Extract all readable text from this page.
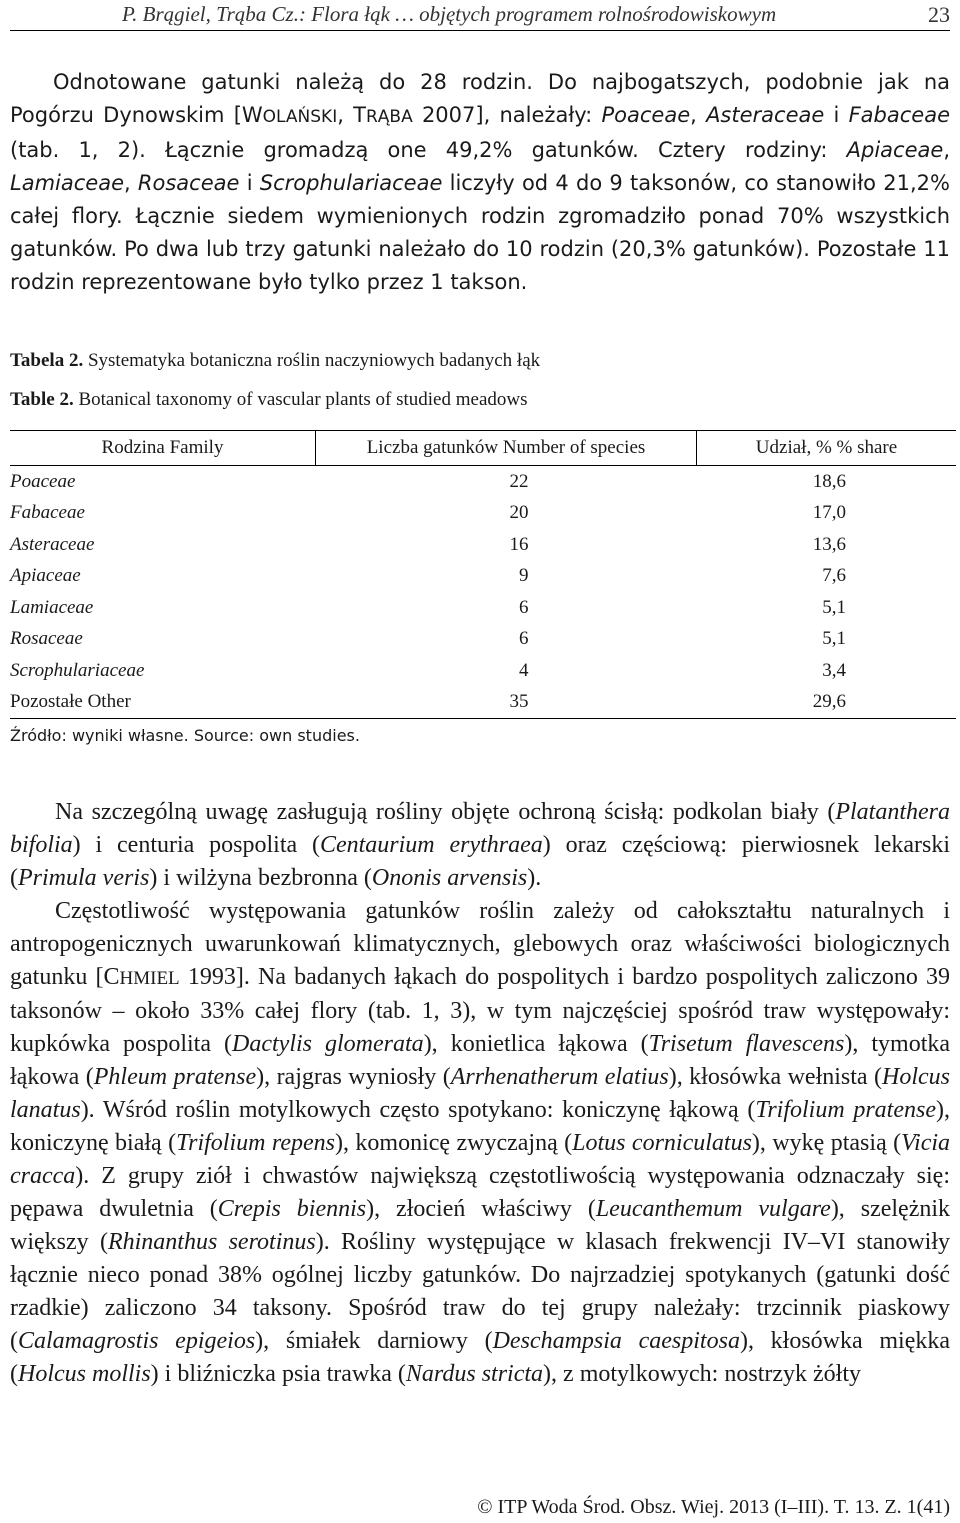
P. Brągiel, Trąba Cz.: Flora łąk … objętych programem rolnośrodowiskowym	23
Odnotowane gatunki należą do 28 rodzin. Do najbogatszych, podobnie jak na Pogórzu Dynowskim [WOLAŃSKI, TRĄBA 2007], należały: Poaceae, Asteraceae i Fabaceae (tab. 1, 2). Łącznie gromadzą one 49,2% gatunków. Cztery rodziny: Apiaceae, Lamiaceae, Rosaceae i Scrophulariaceae liczyły od 4 do 9 taksonów, co stanowiło 21,2% całej flory. Łącznie siedem wymienionych rodzin zgromadziło ponad 70% wszystkich gatunków. Po dwa lub trzy gatunki należało do 10 rodzin (20,3% gatunków). Pozostałe 11 rodzin reprezentowane było tylko przez 1 takson.
Tabela 2. Systematyka botaniczna roślin naczyniowych badanych łąk
Table 2. Botanical taxonomy of vascular plants of studied meadows
Rodzina Family	Liczba gatunków Number of species	Udział, % % share
Poaceae	22	18,6
Fabaceae	20	17,0
Asteraceae	16	13,6
Apiaceae	9	7,6
Lamiaceae	6	5,1
Rosaceae	6	5,1
Scrophulariaceae	4	3,4
Pozostałe Other	35	29,6
Źródło: wyniki własne. Source: own studies.

Na szczególną uwagę zasługują rośliny objęte ochroną ścisłą: podkolan biały (Platanthera bifolia) i centuria pospolita (Centaurium erythraea) oraz częściową: pierwiosnek lekarski (Primula veris) i wilżyna bezbronna (Ononis arvensis).

Częstotliwość występowania gatunków roślin zależy od całokształtu naturalnych i antropogenicznych uwarunkowań klimatycznych, glebowych oraz właściwości biologicznych gatunku [CHMIEL 1993]. Na badanych łąkach do pospolitych i bardzo pospolitych zaliczono 39 taksonów – około 33% całej flory (tab. 1, 3), w tym najczęściej spośród traw występowały: kupkówka pospolita (Dactylis glomerata), konietlica łąkowa (Trisetum flavescens), tymotka łąkowa (Phleum pratense), rajgras wyniosły (Arrhenatherum elatius), kłosówka wełnista (Holcus lanatus). Wśród roślin motylkowych często spotykano: koniczynę łąkową (Trifolium pratense), koniczynę białą (Trifolium repens), komonicę zwyczajną (Lotus corniculatus), wykę ptasią (Vicia cracca). Z grupy ziół i chwastów największą częstotliwością występowania odznaczały się: pępawa dwuletnia (Crepis biennis), złocień właściwy (Leucanthemum vulgare), szelężnik większy (Rhinanthus serotinus). Rośliny występujące w klasach frekwencji IV–VI stanowiły łącznie nieco ponad 38% ogólnej liczby gatunków. Do najrzadziej spotykanych (gatunki dość rzadkie) zaliczono 34 taksony. Spośród traw do tej grupy należały: trzcinnik piaskowy (Calamagrostis epigeios), śmiałek darniowy (Deschampsia caespitosa), kłosówka miękka (Holcus mollis) i bliźniczka psia trawka (Nardus stricta), z motylkowych: nostrzyk żółty

© ITP Woda Środ. Obsz. Wiej. 2013 (I–III). T. 13. Z. 1(41)
